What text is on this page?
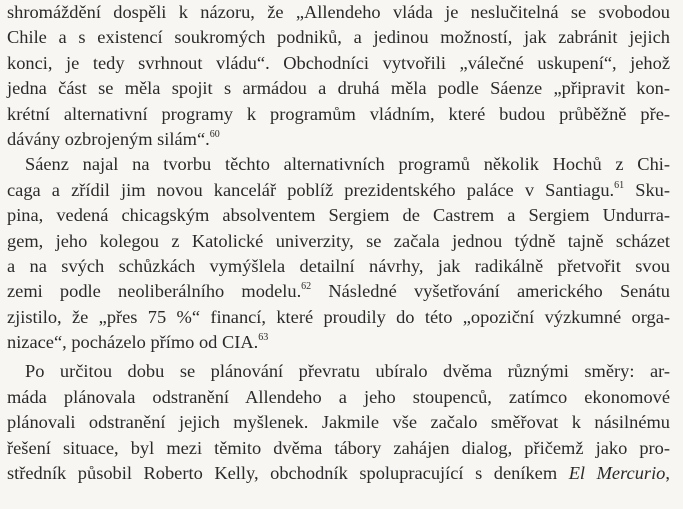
shromáždění dospěli k názoru, že „Allendeho vláda je neslučitelná se svobodou
Chile a s existencí soukromých podniků, a jedinou možností, jak zabránit jejich
konci, je tedy svrhnout vládu“. Obchodníci vytvořili „válečné uskupení“, jehož
jedna část se měla spojit s armádou a druhá měla podle Sáenze „připravit kon-
krétní alternativní programy k programům vládním, které budou průběžně pře-
dávány ozbrojeným silám“.$^{60}$
Sáenz najal na tvorbu těchto alternativních programů několik Hochů z Chi-
caga a zřídil jim novou kancelář poblíž prezidentského paláce v Santiagu.$^{61}$ Sku-
pina, vedená chicagským absolventem Sergiem de Castrem a Sergiem Undurra-
gem, jeho kolegou z Katolické univerzity, se začala jednou týdně tajně scházet
a na svých schůzkách vymýšlela detailní návrhy, jak radikálně přetvořit svou
zemi podle neoliberálního modelu.$^{62}$ Následné vyšetřování amerického Senátu
zjistilo, že „přes 75 %“ financí, které proudily do této „opoziční výzkumné orga-
nizace“, pocházelo přímo od CIA.$^{63}$
Po určitou dobu se plánování převratu ubíralo dvěma různými směry: ar-
máda plánovala odstranění Allendeho a jeho stoupenců, zatímco ekonomové
plánovali odstranění jejich myšlenek. Jakmile vše začalo směřovat k násilnému
řešení situace, byl mezi těmito dvěma tábory zahájen dialog, přičemž jako pro-
středník působil Roberto Kelly, obchodník spolupracující s deníkem El Mercurio,
